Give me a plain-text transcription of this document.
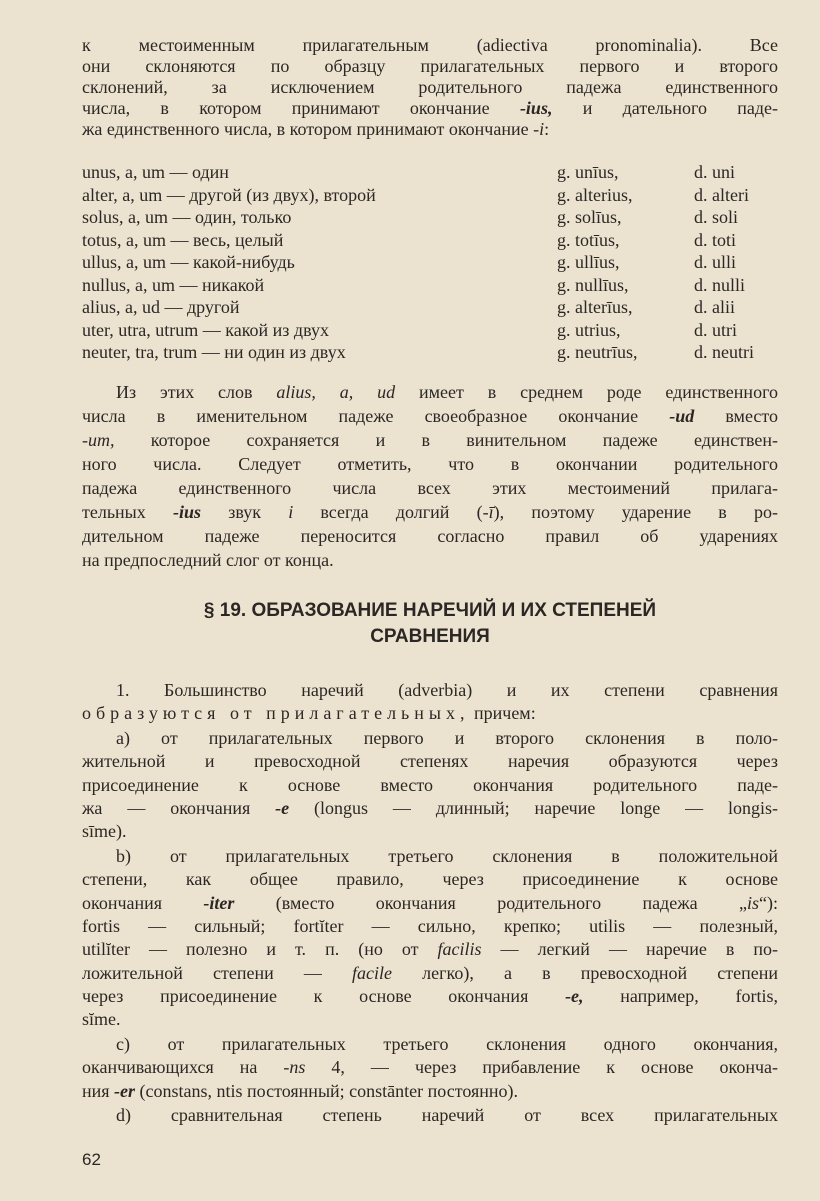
к местоименным прилагательным (adiectiva pronominalia). Все
они склоняются по образцу прилагательных первого и второго
склонений, за исключением родительного падежа единственного
числа, в котором принимают окончание -ius, и дательного паде-
жа единственного числа, в котором принимают окончание -i:
unus, a, um — один	g. unīus,	d. uni
alter, a, um — другой (из двух), второй	g. alterius,	d. alteri
solus, a, um — один, только	g. solīus,	d. soli
totus, a, um — весь, целый	g. totīus,	d. toti
ullus, a, um — какой-нибудь	g. ullīus,	d. ulli
nullus, a, um — никакой	g. nullīus,	d. nulli
alius, a, ud — другой	g. alterīus,	d. alii
uter, utra, utrum — какой из двух	g. utrius,	d. utri
neuter, tra, trum — ни один из двух	g. neutrīus,	d. neutri
Из этих слов alius, a, ud имеет в среднем роде единственного
числа в именительном падеже своеобразное окончание -ud вместо
-um, которое сохраняется и в винительном падеже единствен-
ного числа. Следует отметить, что в окончании родительного
падежа единственного числа всех этих местоимений прилага-
тельных -ius звук i всегда долгий (-ī), поэтому ударение в ро-
дительном падеже переносится согласно правил об ударениях
на предпоследний слог от конца.
§ 19. ОБРАЗОВАНИЕ НАРЕЧИЙ И ИХ СТЕПЕНЕЙ
СРАВНЕНИЯ
1. Большинство наречий (adverbia) и их степени сравнения
образуются от прилагательных, причем:
а) от прилагательных первого и второго склонения в поло-
жительной и превосходной степенях наречия образуются через
присоединение к основе вместо окончания родительного паде-
жа — окончания -e (longus — длинный; наречие longe — longis-
sīme).
b) от прилагательных третьего склонения в положительной
степени, как общее правило, через присоединение к основе
окончания -iter (вместо окончания родительного падежа „is“):
fortis — сильный; fortĭter — сильно, крепко; utilis — полезный,
utilĭter — полезно и т. п. (но от facilis — легкий — наречие в по-
ложительной степени — facile легко), а в превосходной степени
через присоединение к основе окончания -e, например, fortis,
sĭme.
с) от прилагательных третьего склонения одного окончания,
оканчивающихся на -ns 4, — через прибавление к основе оконча-
ния -er (constans, ntis постоянный; constānter постоянно).
d) сравнительная степень наречий от всех прилагательных
62
